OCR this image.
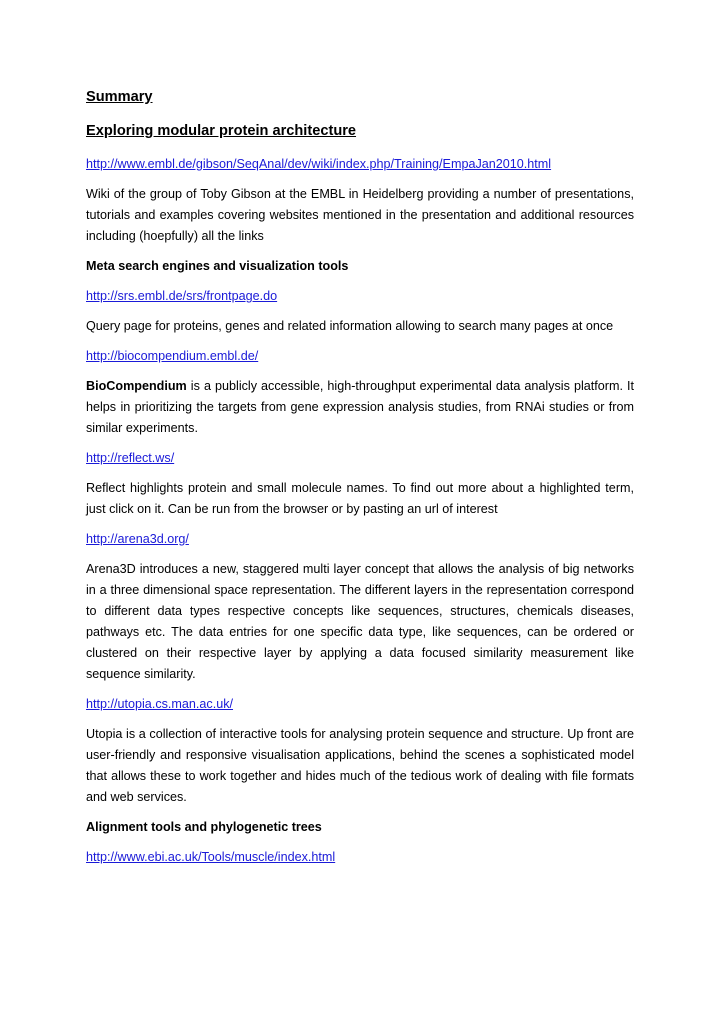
Summary

Exploring modular protein architecture

http://www.embl.de/gibson/SeqAnal/dev/wiki/index.php/Training/EmpaJan2010.html

Wiki of the group of Toby Gibson at the EMBL in Heidelberg providing a number of presentations, tutorials and examples covering websites mentioned in the presentation and additional resources including (hoepfully) all the links

Meta search engines and visualization tools

http://srs.embl.de/srs/frontpage.do

Query page for proteins, genes and related information allowing to search many pages at once

http://biocompendium.embl.de/

BioCompendium is a publicly accessible, high-throughput experimental data analysis platform. It helps in prioritizing the targets from gene expression analysis studies, from RNAi studies or from similar experiments.

http://reflect.ws/

Reflect highlights protein and small molecule names. To find out more about a highlighted term, just click on it. Can be run from the browser or by pasting an url of interest

http://arena3d.org/

Arena3D introduces a new, staggered multi layer concept that allows the analysis of big networks in a three dimensional space representation. The different layers in the representation correspond to different data types respective concepts like sequences, structures, chemicals diseases, pathways etc. The data entries for one specific data type, like sequences, can be ordered or clustered on their respective layer by applying a data focused similarity measurement like sequence similarity.

http://utopia.cs.man.ac.uk/

Utopia is a collection of interactive tools for analysing protein sequence and structure. Up front are user-friendly and responsive visualisation applications, behind the scenes a sophisticated model that allows these to work together and hides much of the tedious work of dealing with file formats and web services.

Alignment tools and phylogenetic trees

http://www.ebi.ac.uk/Tools/muscle/index.html
